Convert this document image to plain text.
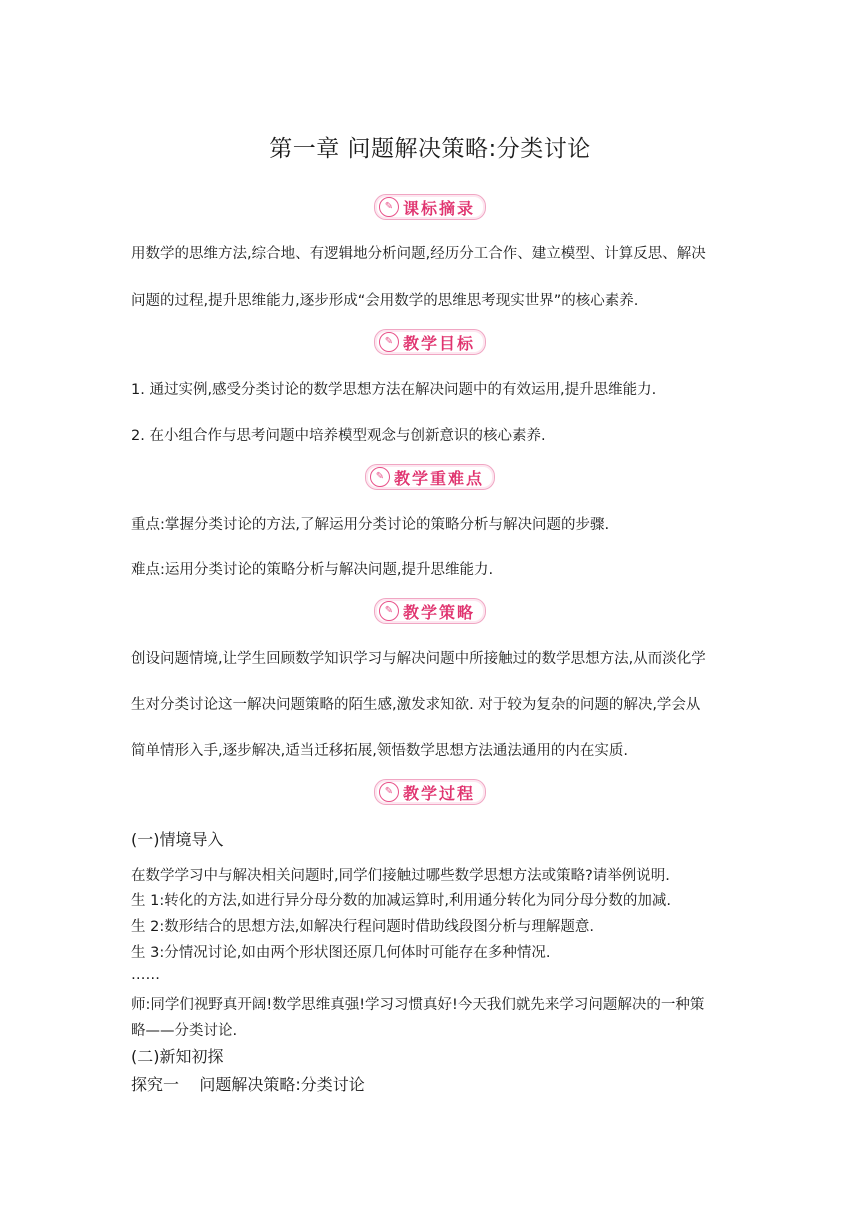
第一章 问题解决策略:分类讨论
✎ 课标摘录
用数学的思维方法,综合地、有逻辑地分析问题,经历分工合作、建立模型、计算反思、解决
问题的过程,提升思维能力,逐步形成“会用数学的思维思考现实世界”的核心素养.
✎ 教学目标
1. 通过实例,感受分类讨论的数学思想方法在解决问题中的有效运用,提升思维能力.
2. 在小组合作与思考问题中培养模型观念与创新意识的核心素养.
✎ 教学重难点
重点:掌握分类讨论的方法,了解运用分类讨论的策略分析与解决问题的步骤.
难点:运用分类讨论的策略分析与解决问题,提升思维能力.
✎ 教学策略
创设问题情境,让学生回顾数学知识学习与解决问题中所接触过的数学思想方法,从而淡化学
生对分类讨论这一解决问题策略的陌生感,激发求知欲. 对于较为复杂的问题的解决,学会从
简单情形入手,逐步解决,适当迁移拓展,领悟数学思想方法通法通用的内在实质.
✎ 教学过程
(一)情境导入
在数学学习中与解决相关问题时,同学们接触过哪些数学思想方法或策略?请举例说明.
生 1:转化的方法,如进行异分母分数的加减运算时,利用通分转化为同分母分数的加减.
生 2:数形结合的思想方法,如解决行程问题时借助线段图分析与理解题意.
生 3:分情况讨论,如由两个形状图还原几何体时可能存在多种情况.
……
师:同学们视野真开阔!数学思维真强!学习习惯真好!今天我们就先来学习问题解决的一种策
略——分类讨论.
(二)新知初探
探究一    问题解决策略:分类讨论
